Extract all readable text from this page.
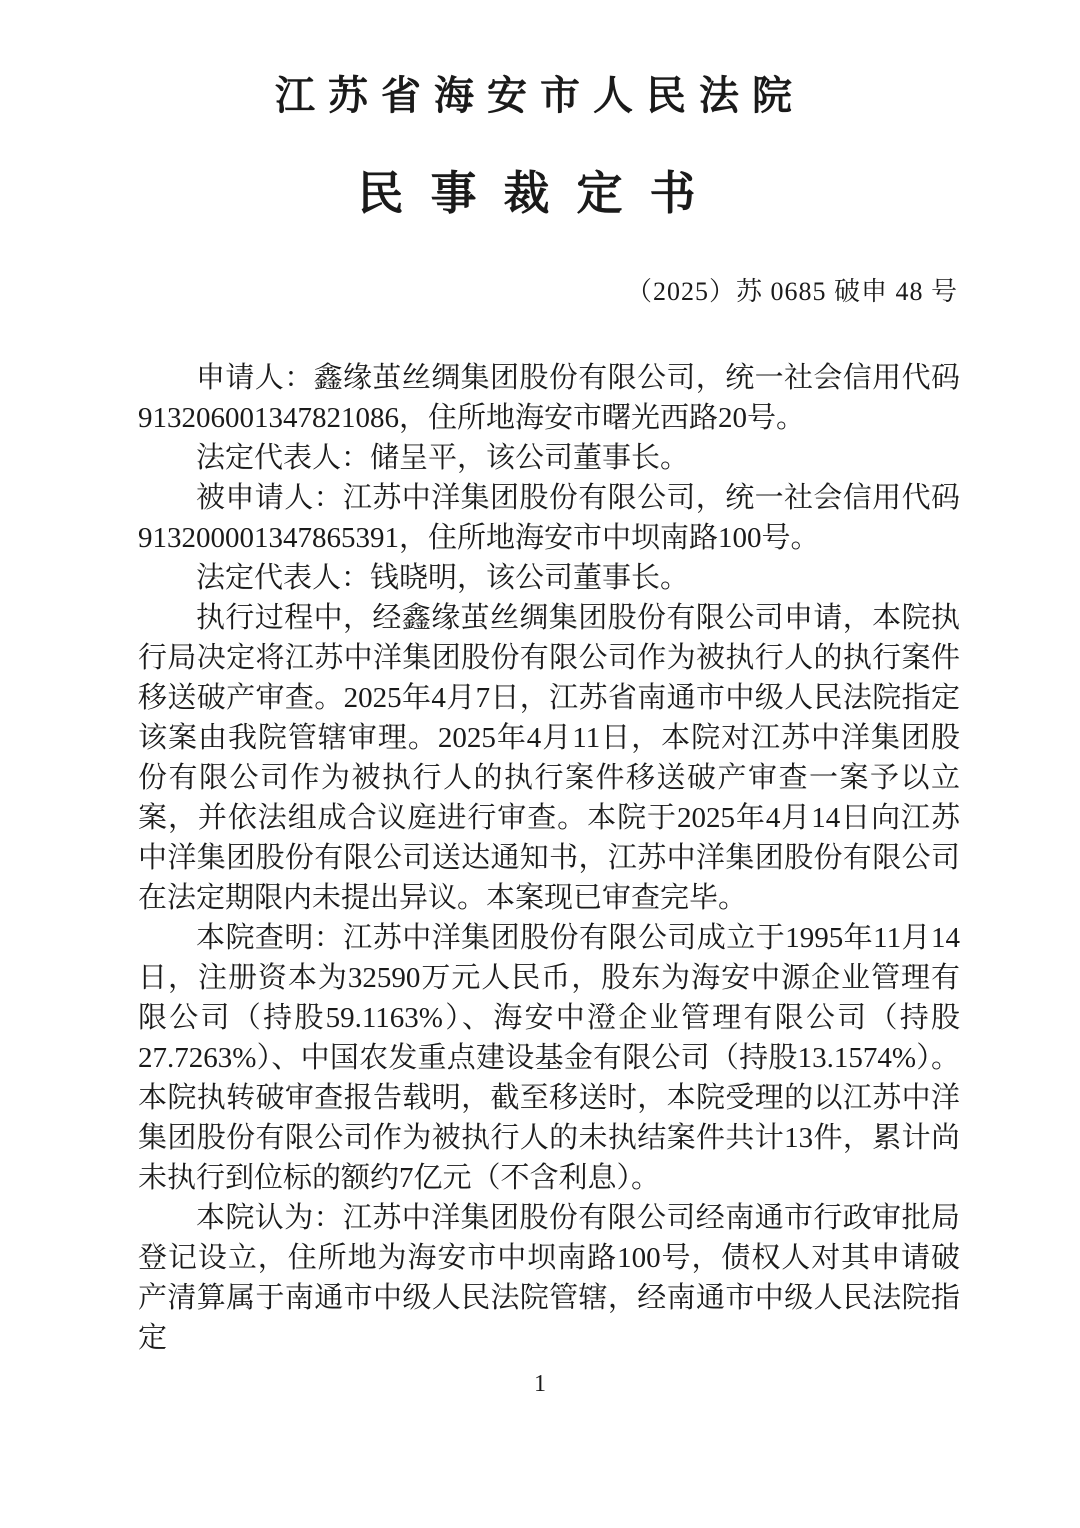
江苏省海安市人民法院
民事裁定书
（2025）苏 0685 破申 48 号

申请人：鑫缘茧丝绸集团股份有限公司，统一社会信用代码913206001347821086，住所地海安市曙光西路20号。

法定代表人：储呈平，该公司董事长。

被申请人：江苏中洋集团股份有限公司，统一社会信用代码913200001347865391，住所地海安市中坝南路100号。

法定代表人：钱晓明，该公司董事长。

执行过程中，经鑫缘茧丝绸集团股份有限公司申请，本院执行局决定将江苏中洋集团股份有限公司作为被执行人的执行案件移送破产审查。2025年4月7日，江苏省南通市中级人民法院指定该案由我院管辖审理。2025年4月11日，本院对江苏中洋集团股份有限公司作为被执行人的执行案件移送破产审查一案予以立案，并依法组成合议庭进行审查。本院于2025年4月14日向江苏中洋集团股份有限公司送达通知书，江苏中洋集团股份有限公司在法定期限内未提出异议。本案现已审查完毕。

本院查明：江苏中洋集团股份有限公司成立于1995年11月14日，注册资本为32590万元人民币，股东为海安中源企业管理有限公司（持股59.1163%）、海安中澄企业管理有限公司（持股27.7263%）、中国农发重点建设基金有限公司（持股13.1574%）。本院执转破审查报告载明，截至移送时，本院受理的以江苏中洋集团股份有限公司作为被执行人的未执结案件共计13件，累计尚未执行到位标的额约7亿元（不含利息）。

本院认为：江苏中洋集团股份有限公司经南通市行政审批局登记设立，住所地为海安市中坝南路100号，债权人对其申请破产清算属于南通市中级人民法院管辖，经南通市中级人民法院指定

1
